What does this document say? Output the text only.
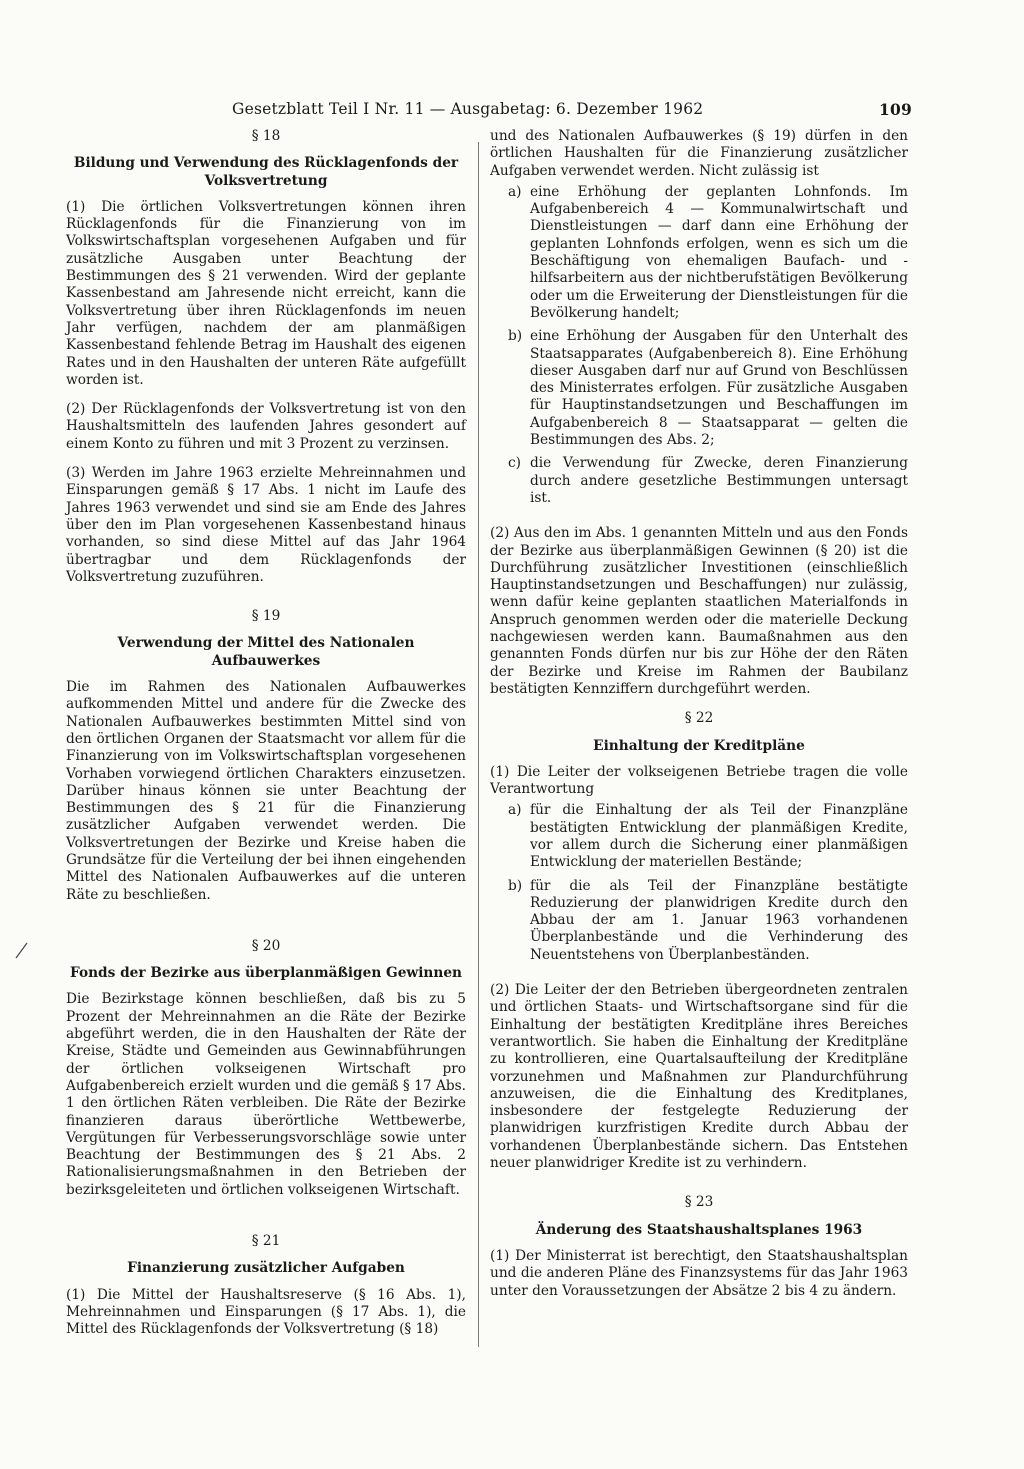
Gesetzblatt Teil I Nr. 11 — Ausgabetag: 6. Dezember 1962	109
§ 18
Bildung und Verwendung des Rücklagenfonds der Volksvertretung

(1) Die örtlichen Volksvertretungen können ihren Rücklagenfonds für die Finanzierung von im Volkswirtschaftsplan vorgesehenen Aufgaben und für zusätzliche Ausgaben unter Beachtung der Bestimmungen des § 21 verwenden. Wird der geplante Kassenbestand am Jahresende nicht erreicht, kann die Volksvertretung über ihren Rücklagenfonds im neuen Jahr verfügen, nachdem der am planmäßigen Kassenbestand fehlende Betrag im Haushalt des eigenen Rates und in den Haushalten der unteren Räte aufgefüllt worden ist.

(2) Der Rücklagenfonds der Volksvertretung ist von den Haushaltsmitteln des laufenden Jahres gesondert auf einem Konto zu führen und mit 3 Prozent zu verzinsen.

(3) Werden im Jahre 1963 erzielte Mehreinnahmen und Einsparungen gemäß § 17 Abs. 1 nicht im Laufe des Jahres 1963 verwendet und sind sie am Ende des Jahres über den im Plan vorgesehenen Kassenbestand hinaus vorhanden, so sind diese Mittel auf das Jahr 1964 übertragbar und dem Rücklagenfonds der Volksvertretung zuzuführen.

§ 19
Verwendung der Mittel des Nationalen Aufbauwerkes

Die im Rahmen des Nationalen Aufbauwerkes aufkommenden Mittel und andere für die Zwecke des Nationalen Aufbauwerkes bestimmten Mittel sind von den örtlichen Organen der Staatsmacht vor allem für die Finanzierung von im Volkswirtschaftsplan vorgesehenen Vorhaben vorwiegend örtlichen Charakters einzusetzen. Darüber hinaus können sie unter Beachtung der Bestimmungen des § 21 für die Finanzierung zusätzlicher Aufgaben verwendet werden. Die Volksvertretungen der Bezirke und Kreise haben die Grundsätze für die Verteilung der bei ihnen eingehenden Mittel des Nationalen Aufbauwerkes auf die unteren Räte zu beschließen.

§ 20
Fonds der Bezirke aus überplanmäßigen Gewinnen

Die Bezirkstage können beschließen, daß bis zu 5 Prozent der Mehreinnahmen an die Räte der Bezirke abgeführt werden, die in den Haushalten der Räte der Kreise, Städte und Gemeinden aus Gewinnabführungen der örtlichen volkseigenen Wirtschaft pro Aufgabenbereich erzielt wurden und die gemäß § 17 Abs. 1 den örtlichen Räten verbleiben. Die Räte der Bezirke finanzieren daraus überörtliche Wettbewerbe, Vergütungen für Verbesserungsvorschläge sowie unter Beachtung der Bestimmungen des § 21 Abs. 2 Rationalisierungsmaßnahmen in den Betrieben der bezirksgeleiteten und örtlichen volkseigenen Wirtschaft.

§ 21
Finanzierung zusätzlicher Aufgaben

(1) Die Mittel der Haushaltsreserve (§ 16 Abs. 1), Mehreinnahmen und Einsparungen (§ 17 Abs. 1), die Mittel des Rücklagenfonds der Volksvertretung (§ 18)

und des Nationalen Aufbauwerkes (§ 19) dürfen in den örtlichen Haushalten für die Finanzierung zusätzlicher Aufgaben verwendet werden. Nicht zulässig ist

a) eine Erhöhung der geplanten Lohnfonds. Im Aufgabenbereich 4 — Kommunalwirtschaft und Dienstleistungen — darf dann eine Erhöhung der geplanten Lohnfonds erfolgen, wenn es sich um die Beschäftigung von ehemaligen Baufach- und -hilfsarbeitern aus der nichtberufstätigen Bevölkerung oder um die Erweiterung der Dienstleistungen für die Bevölkerung handelt;
b) eine Erhöhung der Ausgaben für den Unterhalt des Staatsapparates (Aufgabenbereich 8). Eine Erhöhung dieser Ausgaben darf nur auf Grund von Beschlüssen des Ministerrates erfolgen. Für zusätzliche Ausgaben für Hauptinstandsetzungen und Beschaffungen im Aufgabenbereich 8 — Staatsapparat — gelten die Bestimmungen des Abs. 2;
c) die Verwendung für Zwecke, deren Finanzierung durch andere gesetzliche Bestimmungen untersagt ist.

(2) Aus den im Abs. 1 genannten Mitteln und aus den Fonds der Bezirke aus überplanmäßigen Gewinnen (§ 20) ist die Durchführung zusätzlicher Investitionen (einschließlich Hauptinstandsetzungen und Beschaffungen) nur zulässig, wenn dafür keine geplanten staatlichen Materialfonds in Anspruch genommen werden oder die materielle Deckung nachgewiesen werden kann. Baumaßnahmen aus den genannten Fonds dürfen nur bis zur Höhe der den Räten der Bezirke und Kreise im Rahmen der Baubilanz bestätigten Kennziffern durchgeführt werden.

§ 22
Einhaltung der Kreditpläne

(1) Die Leiter der volkseigenen Betriebe tragen die volle Verantwortung

a) für die Einhaltung der als Teil der Finanzpläne bestätigten Entwicklung der planmäßigen Kredite, vor allem durch die Sicherung einer planmäßigen Entwicklung der materiellen Bestände;
b) für die als Teil der Finanzpläne bestätigte Reduzierung der planwidrigen Kredite durch den Abbau der am 1. Januar 1963 vorhandenen Überplanbestände und die Verhinderung des Neuentstehens von Überplanbeständen.

(2) Die Leiter der den Betrieben übergeordneten zentralen und örtlichen Staats- und Wirtschaftsorgane sind für die Einhaltung der bestätigten Kreditpläne ihres Bereiches verantwortlich. Sie haben die Einhaltung der Kreditpläne zu kontrollieren, eine Quartalsaufteilung der Kreditpläne vorzunehmen und Maßnahmen zur Plandurchführung anzuweisen, die die Einhaltung des Kreditplanes, insbesondere der festgelegte Reduzierung der planwidrigen kurzfristigen Kredite durch Abbau der vorhandenen Überplanbestände sichern. Das Entstehen neuer planwidriger Kredite ist zu verhindern.

§ 23
Änderung des Staatshaushaltsplanes 1963

(1) Der Ministerrat ist berechtigt, den Staatshaushaltsplan und die anderen Pläne des Finanzsystems für das Jahr 1963 unter den Voraussetzungen der Absätze 2 bis 4 zu ändern.
